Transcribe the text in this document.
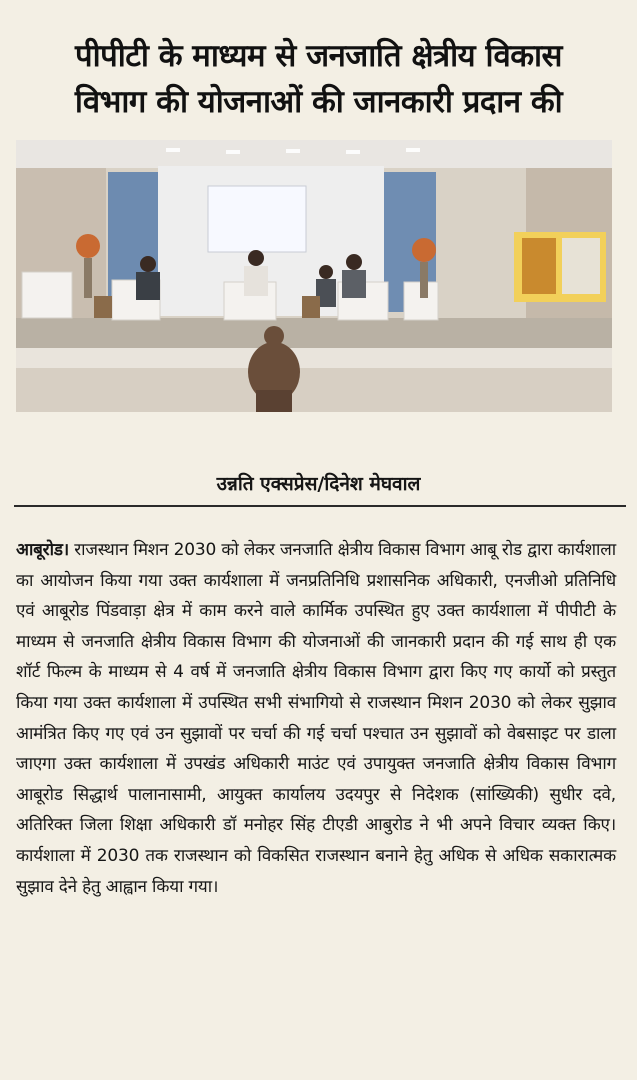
पीपीटी के माध्यम से जनजाति क्षेत्रीय विकास
विभाग की योजनाओं की जानकारी प्रदान की
उन्नति एक्सप्रेस/दिनेश मेघवाल

आबूरोड। राजस्थान मिशन 2030 को लेकर जनजाति क्षेत्रीय विकास विभाग आबू रोड द्वारा कार्यशाला का आयोजन किया गया उक्त कार्यशाला में जनप्रतिनिधि प्रशासनिक अधिकारी, एनजीओ प्रतिनिधि एवं आबूरोड पिंडवाड़ा क्षेत्र में काम करने वाले कार्मिक उपस्थित हुए उक्त कार्यशाला में पीपीटी के माध्यम से जनजाति क्षेत्रीय विकास विभाग की योजनाओं की जानकारी प्रदान की गई साथ ही एक शॉर्ट फिल्म के माध्यम से 4 वर्ष में जनजाति क्षेत्रीय विकास विभाग द्वारा किए गए कार्यो को प्रस्तुत किया गया उक्त कार्यशाला में उपस्थित सभी संभागियो से राजस्थान मिशन 2030 को लेकर सुझाव आमंत्रित किए गए एवं उन सुझावों पर चर्चा की गई चर्चा पश्चात उन सुझावों को वेबसाइट पर डाला जाएगा उक्त कार्यशाला में उपखंड अधिकारी माउंट एवं उपायुक्त जनजाति क्षेत्रीय विकास विभाग आबूरोड सिद्धार्थ पालानासामी, आयुक्त कार्यालय उदयपुर से निदेशक (सांख्यिकी) सुधीर दवे, अतिरिक्त जिला शिक्षा अधिकारी डॉ मनोहर सिंह टीएडी आबुरोड ने भी अपने विचार व्यक्त किए। कार्यशाला में 2030 तक राजस्थान को विकसित राजस्थान बनाने हेतु अधिक से अधिक सकारात्मक सुझाव देने हेतु आह्वान किया गया।
